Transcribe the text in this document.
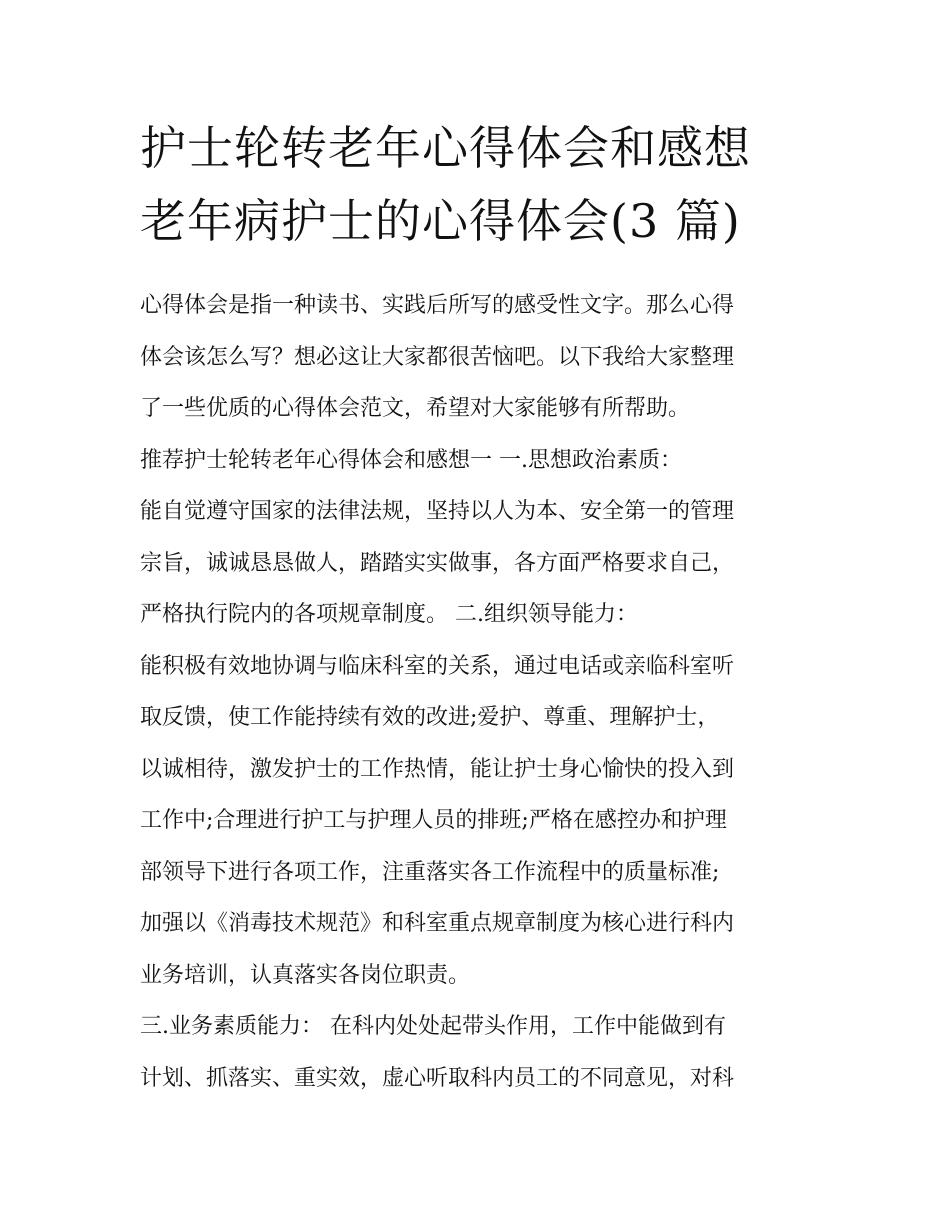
护士轮转老年心得体会和感想
老年病护士的心得体会(3 篇)
心得体会是指一种读书、实践后所写的感受性文字。那么心得
体会该怎么写？想必这让大家都很苦恼吧。以下我给大家整理
了一些优质的心得体会范文，希望对大家能够有所帮助。
推荐护士轮转老年心得体会和感想一 一.思想政治素质：
能自觉遵守国家的法律法规，坚持以人为本、安全第一的管理
宗旨，诚诚恳恳做人，踏踏实实做事，各方面严格要求自己，
严格执行院内的各项规章制度。 二.组织领导能力：
能积极有效地协调与临床科室的关系，通过电话或亲临科室听
取反馈，使工作能持续有效的改进;爱护、尊重、理解护士，
以诚相待，激发护士的工作热情，能让护士身心愉快的投入到
工作中;合理进行护工与护理人员的排班;严格在感控办和护理
部领导下进行各项工作，注重落实各工作流程中的质量标准;
加强以《消毒技术规范》和科室重点规章制度为核心进行科内
业务培训，认真落实各岗位职责。
三.业务素质能力： 在科内处处起带头作用，工作中能做到有
计划、抓落实、重实效，虚心听取科内员工的不同意见，对科
